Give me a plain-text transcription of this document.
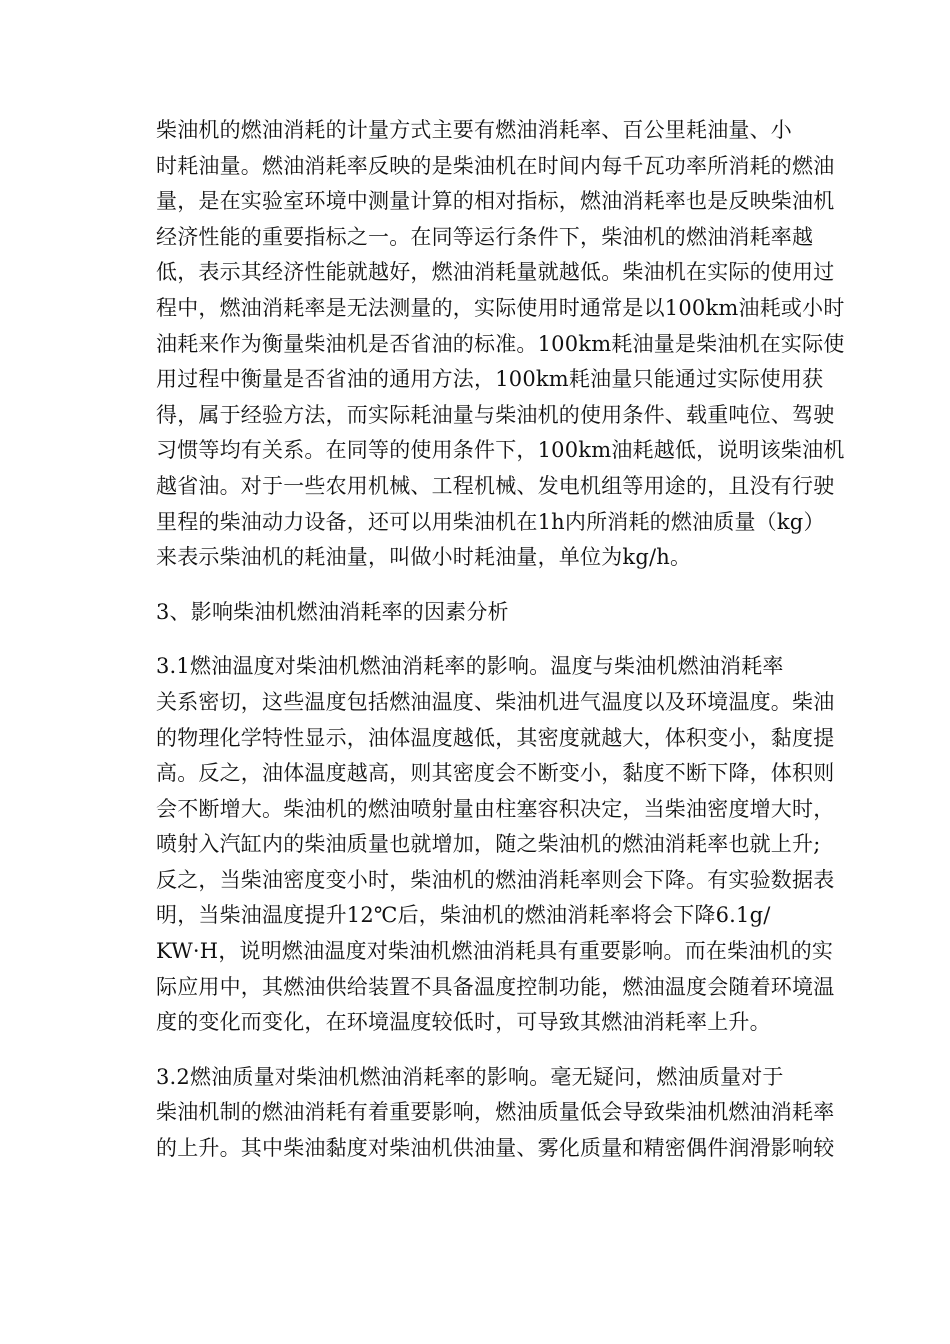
柴油机的燃油消耗的计量方式主要有燃油消耗率、百公里耗油量、小
时耗油量。燃油消耗率反映的是柴油机在时间内每千瓦功率所消耗的燃油
量，是在实验室环境中测量计算的相对指标，燃油消耗率也是反映柴油机
经济性能的重要指标之一。在同等运行条件下，柴油机的燃油消耗率越
低，表示其经济性能就越好，燃油消耗量就越低。柴油机在实际的使用过
程中，燃油消耗率是无法测量的，实际使用时通常是以100km油耗或小时
油耗来作为衡量柴油机是否省油的标准。100km耗油量是柴油机在实际使
用过程中衡量是否省油的通用方法，100km耗油量只能通过实际使用获
得，属于经验方法，而实际耗油量与柴油机的使用条件、载重吨位、驾驶
习惯等均有关系。在同等的使用条件下，100km油耗越低，说明该柴油机
越省油。对于一些农用机械、工程机械、发电机组等用途的，且没有行驶
里程的柴油动力设备，还可以用柴油机在1h内所消耗的燃油质量（kg）
来表示柴油机的耗油量，叫做小时耗油量，单位为kg/h。

3、影响柴油机燃油消耗率的因素分析

3.1燃油温度对柴油机燃油消耗率的影响。温度与柴油机燃油消耗率
关系密切，这些温度包括燃油温度、柴油机进气温度以及环境温度。柴油
的物理化学特性显示，油体温度越低，其密度就越大，体积变小，黏度提
高。反之，油体温度越高，则其密度会不断变小，黏度不断下降，体积则
会不断增大。柴油机的燃油喷射量由柱塞容积决定，当柴油密度增大时，
喷射入汽缸内的柴油质量也就增加，随之柴油机的燃油消耗率也就上升;
反之，当柴油密度变小时，柴油机的燃油消耗率则会下降。有实验数据表
明，当柴油温度提升12℃后，柴油机的燃油消耗率将会下降6.1g/
KW·H，说明燃油温度对柴油机燃油消耗具有重要影响。而在柴油机的实
际应用中，其燃油供给装置不具备温度控制功能，燃油温度会随着环境温
度的变化而变化，在环境温度较低时，可导致其燃油消耗率上升。

3.2燃油质量对柴油机燃油消耗率的影响。毫无疑问，燃油质量对于
柴油机制的燃油消耗有着重要影响，燃油质量低会导致柴油机燃油消耗率
的上升。其中柴油黏度对柴油机供油量、雾化质量和精密偶件润滑影响较
